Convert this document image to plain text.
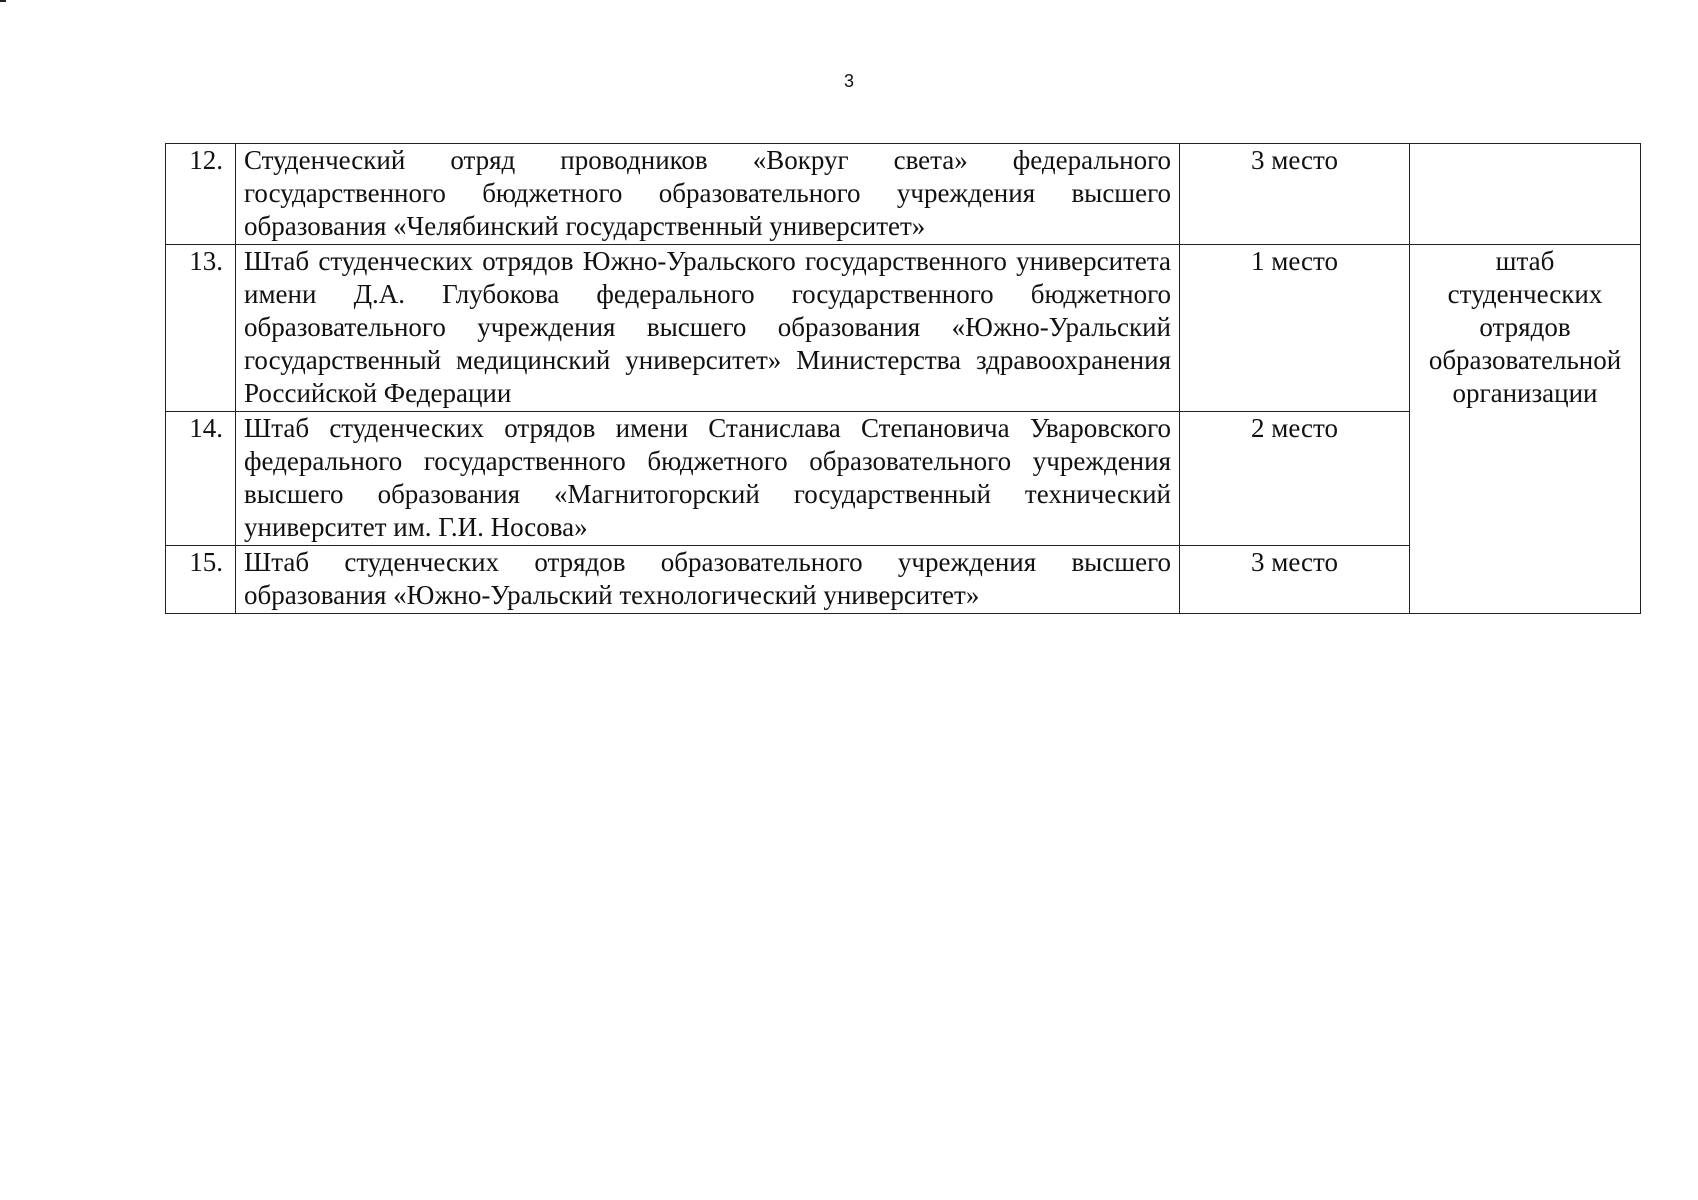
3
12.	Студенческий отряд проводников «Вокруг света» федерального государственного бюджетного образовательного учреждения высшего образования «Челябинский государственный университет»	3 место	
13.	Штаб студенческих отрядов Южно-Уральского государственного университета имени Д.А. Глубокова федерального государственного бюджетного образовательного учреждения высшего образования «Южно-Уральский государственный медицинский университет» Министерства здравоохранения Российской Федерации	1 место	штаб студенческих отрядов образовательной организации
14.	Штаб студенческих отрядов имени Станислава Степановича Уваровского федерального государственного бюджетного образовательного учреждения высшего образования «Магнитогорский государственный технический университет им. Г.И. Носова»	2 место	
15.	Штаб студенческих отрядов образовательного учреждения высшего образования «Южно-Уральский технологический университет»	3 место	
